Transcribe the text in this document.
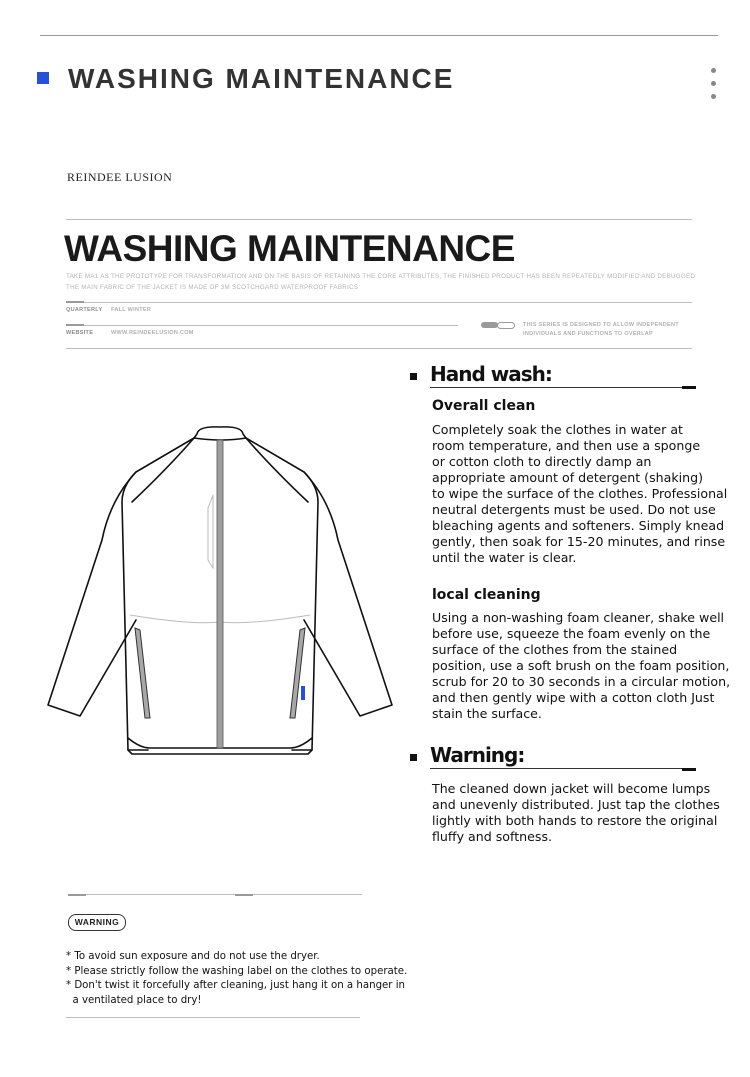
WASHING MAINTENANCE
REINDEE LUSION
WASHING MAINTENANCE
TAKE MA1 AS THE PROTOTYPE FOR TRANSFORMATION AND ON THE BASIS OF RETAINING THE CORE ATTRIBUTES, THE FINISHED PRODUCT HAS BEEN REPEATEDLY MODIFIED AND DEBUGGED
THE MAIN FABRIC OF THE JACKET IS MADE OF 3M SCOTCHGARD WATERPROOF FABRICS
QUARTERLY FALL WINTER
WEBSITE	WWW.REINDEELUSION.COM
THIS SERIES IS DESIGNED TO ALLOW INDEPENDENT
INDIVIDUALS AND FUNCTIONS TO OVERLAP
Hand wash:
Overall clean
Completely soak the clothes in water at
room temperature, and then use a sponge
or cotton cloth to directly damp an
appropriate amount of detergent (shaking)
to wipe the surface of the clothes. Professional
neutral detergents must be used. Do not use
bleaching agents and softeners. Simply knead
gently, then soak for 15-20 minutes, and rinse
until the water is clear.
local cleaning
Using a non-washing foam cleaner, shake well
before use, squeeze the foam evenly on the
surface of the clothes from the stained
position, use a soft brush on the foam position,
scrub for 20 to 30 seconds in a circular motion,
and then gently wipe with a cotton cloth Just
stain the surface.
Warning:
The cleaned down jacket will become lumps
and unevenly distributed. Just tap the clothes
lightly with both hands to restore the original
fluffy and softness.
WARNING
* To avoid sun exposure and do not use the dryer.
* Please strictly follow the washing label on the clothes to operate.
* Don't twist it forcefully after cleaning, just hang it on a hanger in
a ventilated place to dry!
